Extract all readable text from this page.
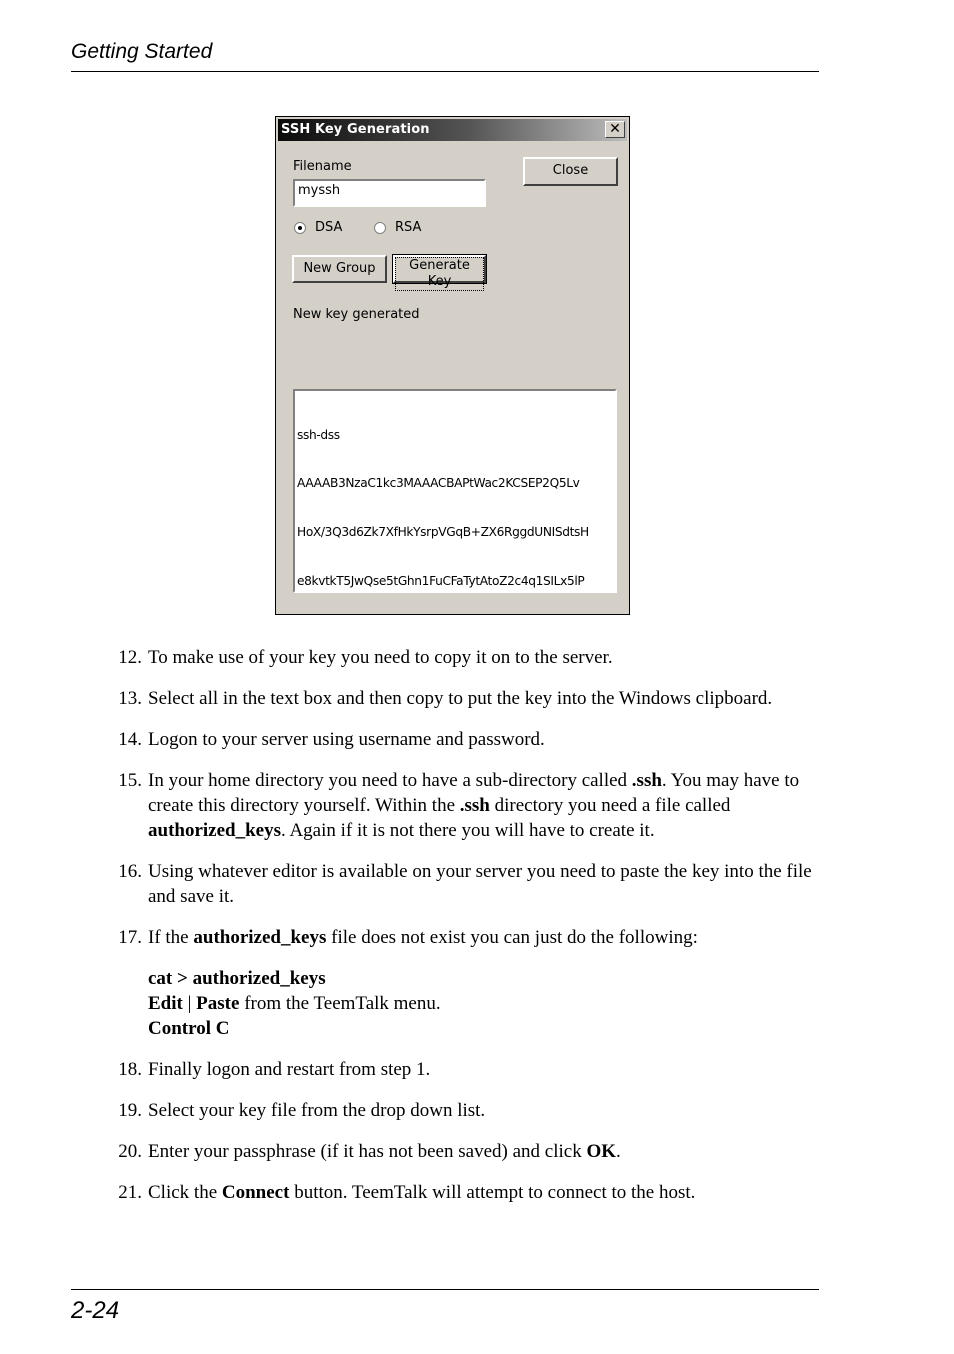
Getting Started
SSH Key Generation	✕
Filename
myssh
Close
DSA	RSA
New Group	Generate Key
New key generated

ssh-dss

AAAAB3NzaC1kc3MAAACBAPtWac2KCSEP2Q5Lv

HoX/3Q3d6Zk7XfHkYsrpVGqB+ZX6RggdUNISdtsH

e8kvtkT5JwQse5tGhn1FuCFaTytAtoZ2c4q1SILx5lP

12 . To make use of your key you need to copy it on to the server.
13 . Select all in the text box and then copy to put the key into the Windows clipboard.
14 . Logon to your server using username and password.
15 . In your home directory you need to have a sub-directory called .ssh. You may have to create this directory yourself. Within the .ssh directory you need a file called authorized_keys. Again if it is not there you will have to create it.
16 . Using whatever editor is available on your server you need to paste the key into the file and save it.
17 . If the authorized_keys file does not exist you can just do the following:
cat > authorized_keys
Edit | Paste from the TeemTalk menu.
Control C
18 . Finally logon and restart from step 1.
19 . Select your key file from the drop down list.
20 . Enter your passphrase (if it has not been saved) and click OK.
21 . Click the Connect button. TeemTalk will attempt to connect to the host.
2-24
